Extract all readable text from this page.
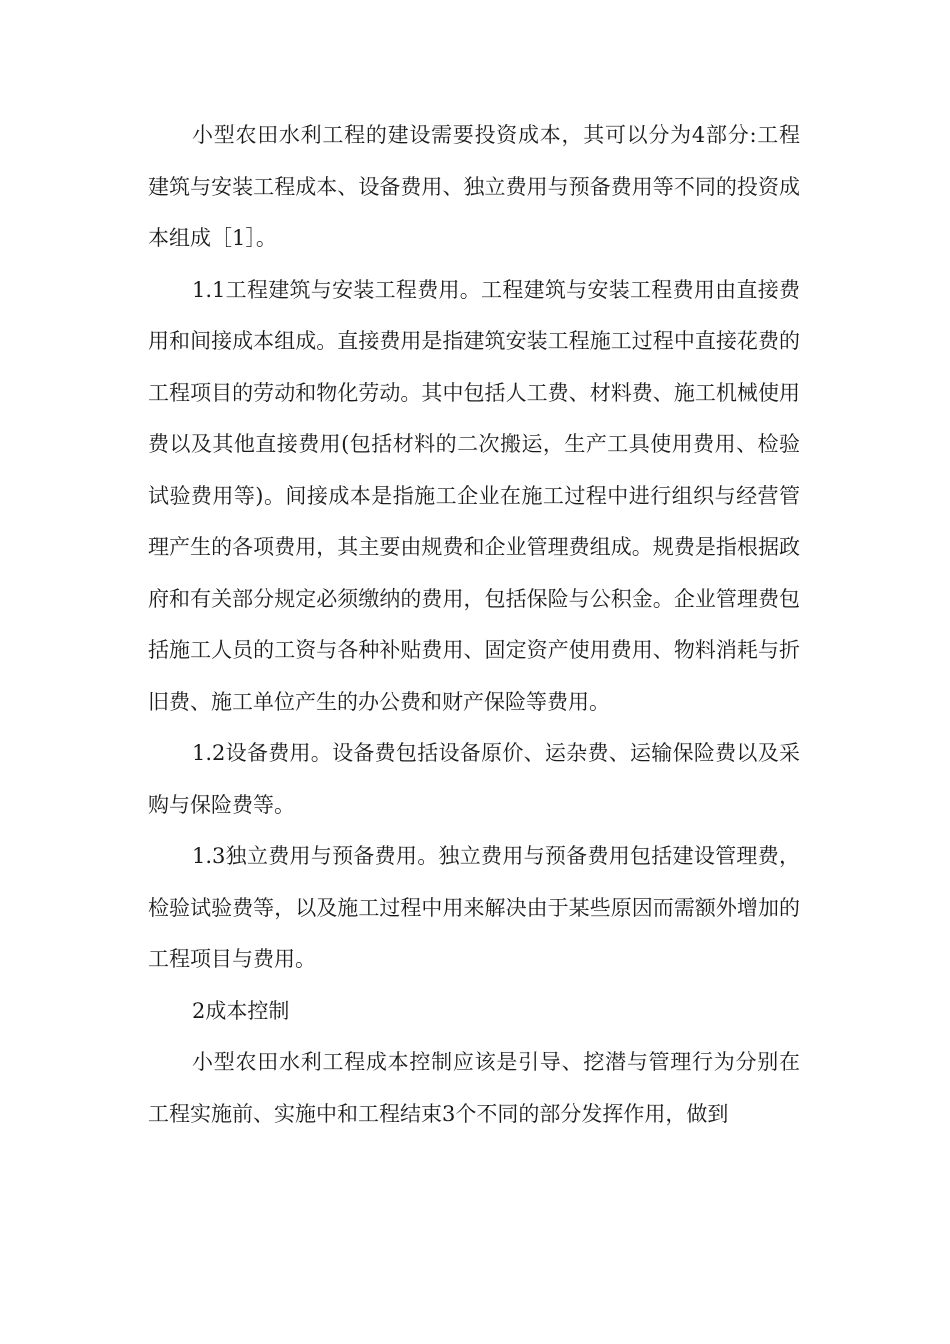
小型农田水利工程的建设需要投资成本，其可以分为4部分:工程建筑与安装工程成本、设备费用、独立费用与预备费用等不同的投资成本组成［1］。

1.1工程建筑与安装工程费用。工程建筑与安装工程费用由直接费用和间接成本组成。直接费用是指建筑安装工程施工过程中直接花费的工程项目的劳动和物化劳动。其中包括人工费、材料费、施工机械使用费以及其他直接费用(包括材料的二次搬运，生产工具使用费用、检验试验费用等)。间接成本是指施工企业在施工过程中进行组织与经营管理产生的各项费用，其主要由规费和企业管理费组成。规费是指根据政府和有关部分规定必须缴纳的费用，包括保险与公积金。企业管理费包括施工人员的工资与各种补贴费用、固定资产使用费用、物料消耗与折旧费、施工单位产生的办公费和财产保险等费用。

1.2设备费用。设备费包括设备原价、运杂费、运输保险费以及采购与保险费等。

1.3独立费用与预备费用。独立费用与预备费用包括建设管理费，检验试验费等，以及施工过程中用来解决由于某些原因而需额外增加的工程项目与费用。

2成本控制

小型农田水利工程成本控制应该是引导、挖潜与管理行为分别在工程实施前、实施中和工程结束3个不同的部分发挥作用，做到
